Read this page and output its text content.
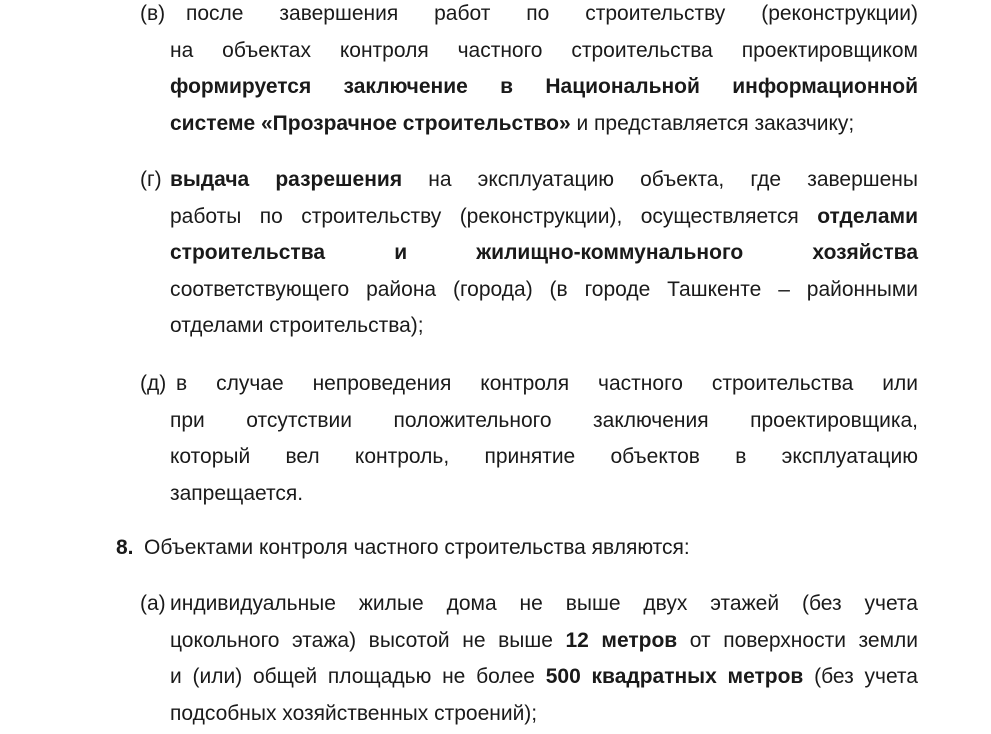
(в) после завершения работ по строительству (реконструкции)
на объектах контроля частного строительства проектировщиком
формируется заключение в Национальной информационной
системе «Прозрачное строительство» и представляется заказчику;
(г) выдача разрешения на эксплуатацию объекта, где завершены
работы по строительству (реконструкции), осуществляется отделами
строительства и жилищно-коммунального хозяйства
соответствующего района (города) (в городе Ташкенте – районными
отделами строительства);
(д) в случае непроведения контроля частного строительства или
при отсутствии положительного заключения проектировщика,
который вел контроль, принятие объектов в эксплуатацию
запрещается.
8. Объектами контроля частного строительства являются:
(а) индивидуальные жилые дома не выше двух этажей (без учета
цокольного этажа) высотой не выше 12 метров от поверхности земли
и (или) общей площадью не более 500 квадратных метров (без учета
подсобных хозяйственных строений);
